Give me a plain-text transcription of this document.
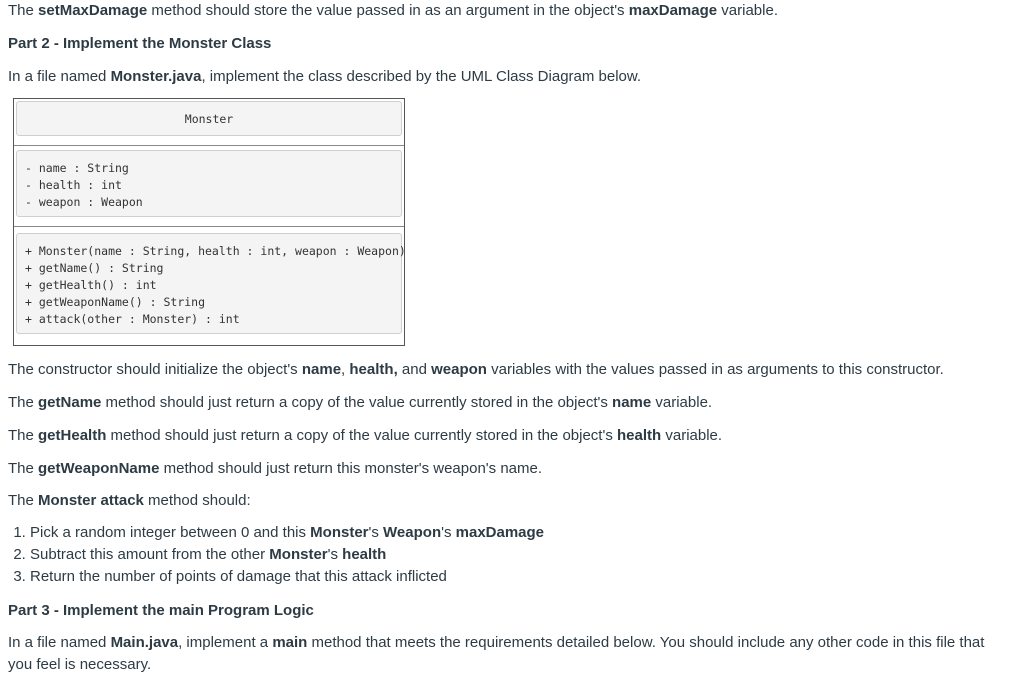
The setMaxDamage method should store the value passed in as an argument in the object's maxDamage variable.

Part 2 - Implement the Monster Class

In a file named Monster.java, implement the class described by the UML Class Diagram below.

Monster
- name : String
- health : int
- weapon : Weapon
+ Monster(name : String, health : int, weapon : Weapon)
+ getName() : String
+ getHealth() : int
+ getWeaponName() : String
+ attack(other : Monster) : int

The constructor should initialize the object's name, health, and weapon variables with the values passed in as arguments to this constructor.

The getName method should just return a copy of the value currently stored in the object's name variable.

The getHealth method should just return a copy of the value currently stored in the object's health variable.

The getWeaponName method should just return this monster's weapon's name.

The Monster attack method should:

1. Pick a random integer between 0 and this Monster's Weapon's maxDamage
2. Subtract this amount from the other Monster's health
3. Return the number of points of damage that this attack inflicted

Part 3 - Implement the main Program Logic

In a file named Main.java, implement a main method that meets the requirements detailed below. You should include any other code in this file that you feel is necessary.
